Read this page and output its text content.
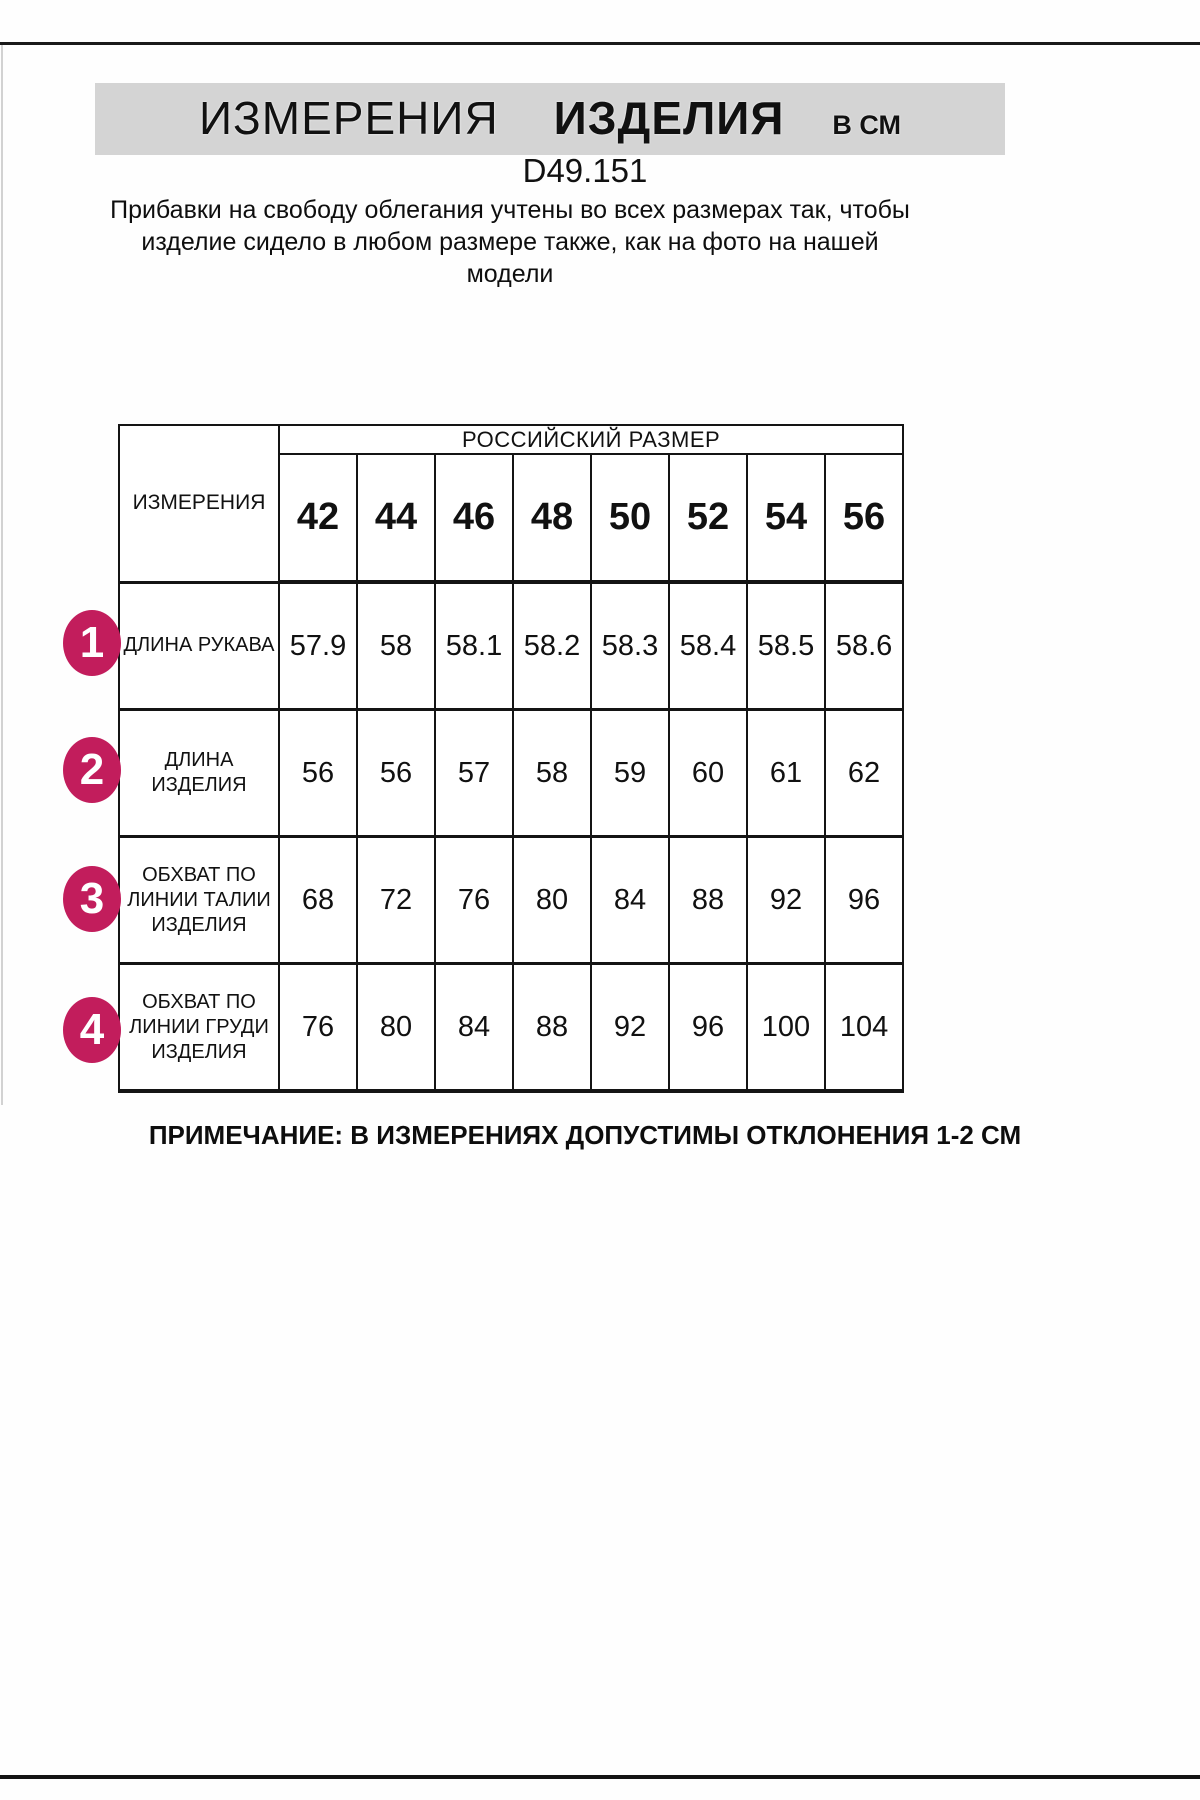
ИЗМЕРЕНИЯ ИЗДЕЛИЯ В СМ
D49.151
Прибавки на свободу облегания учтены во всех размерах так, чтобы
изделие сидело в любом размере также, как на фото на нашей
модели
ИЗМЕРЕНИЯ	РОССИЙСКИЙ РАЗМЕР							
	42	44	46	48	50	52	54	56

ДЛИНА РУКАВА	57.9	58	58.1	58.2	58.3	58.4	58.5	58.6

ДЛИНА
ИЗДЕЛИЯ	56	56	57	58	59	60	61	62

ОБХВАТ ПО
ЛИНИИ ТАЛИИ
ИЗДЕЛИЯ	68	72	76	80	84	88	92	96

ОБХВАТ ПО
ЛИНИИ ГРУДИ
ИЗДЕЛИЯ	76	80	84	88	92	96	100	104
1
2
3
4
ПРИМЕЧАНИЕ: В ИЗМЕРЕНИЯХ ДОПУСТИМЫ ОТКЛОНЕНИЯ 1-2 СМ
